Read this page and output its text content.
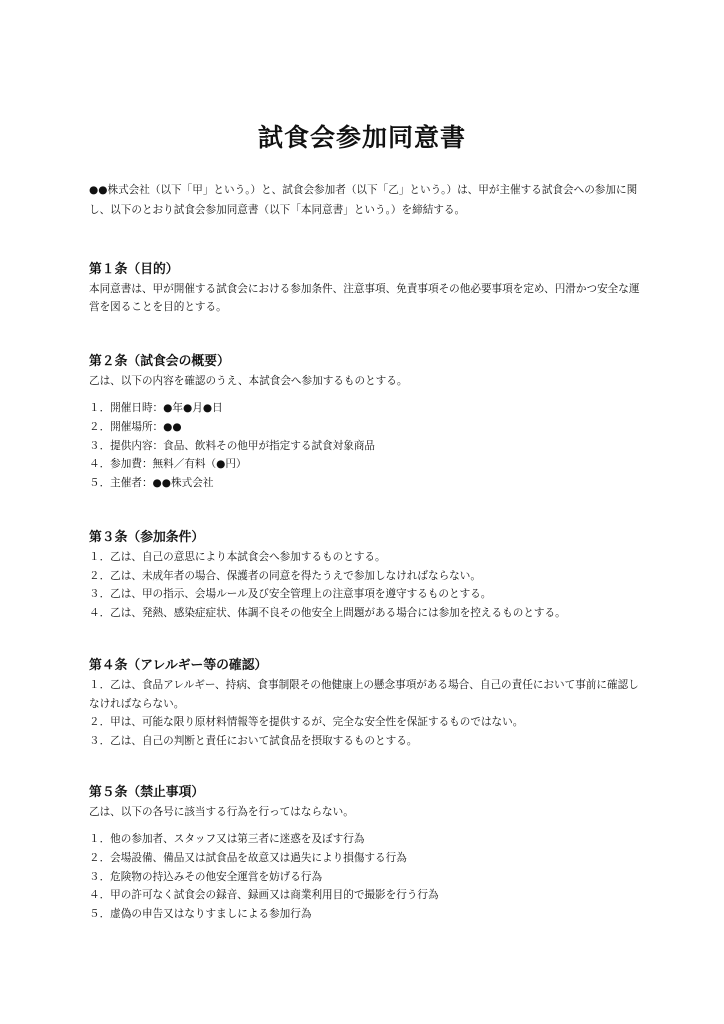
試食会参加同意書

●●株式会社（以下「甲」という。）と、試食会参加者（以下「乙」という。）は、甲が主催する試食会への参加に関し、以下のとおり試食会参加同意書（以下「本同意書」という。）を締結する。

第１条（目的）

本同意書は、甲が開催する試食会における参加条件、注意事項、免責事項その他必要事項を定め、円滑かつ安全な運営を図ることを目的とする。

第２条（試食会の概要）

乙は、以下の内容を確認のうえ、本試食会へ参加するものとする。

１．開催日時：●年●月●日
２．開催場所：●●
３．提供内容：食品、飲料その他甲が指定する試食対象商品
４．参加費：無料／有料（●円）
５．主催者：●●株式会社
第３条（参加条件）
１．乙は、自己の意思により本試食会へ参加するものとする。
２．乙は、未成年者の場合、保護者の同意を得たうえで参加しなければならない。
３．乙は、甲の指示、会場ルール及び安全管理上の注意事項を遵守するものとする。
４．乙は、発熱、感染症症状、体調不良その他安全上問題がある場合には参加を控えるものとする。
第４条（アレルギー等の確認）
１．乙は、食品アレルギー、持病、食事制限その他健康上の懸念事項がある場合、自己の責任において事前に確認しなければならない。
２．甲は、可能な限り原材料情報等を提供するが、完全な安全性を保証するものではない。
３．乙は、自己の判断と責任において試食品を摂取するものとする。
第５条（禁止事項）

乙は、以下の各号に該当する行為を行ってはならない。

１．他の参加者、スタッフ又は第三者に迷惑を及ぼす行為
２．会場設備、備品又は試食品を故意又は過失により損傷する行為
３．危険物の持込みその他安全運営を妨げる行為
４．甲の許可なく試食会の録音、録画又は商業利用目的で撮影を行う行為
５．虚偽の申告又はなりすましによる参加行為
